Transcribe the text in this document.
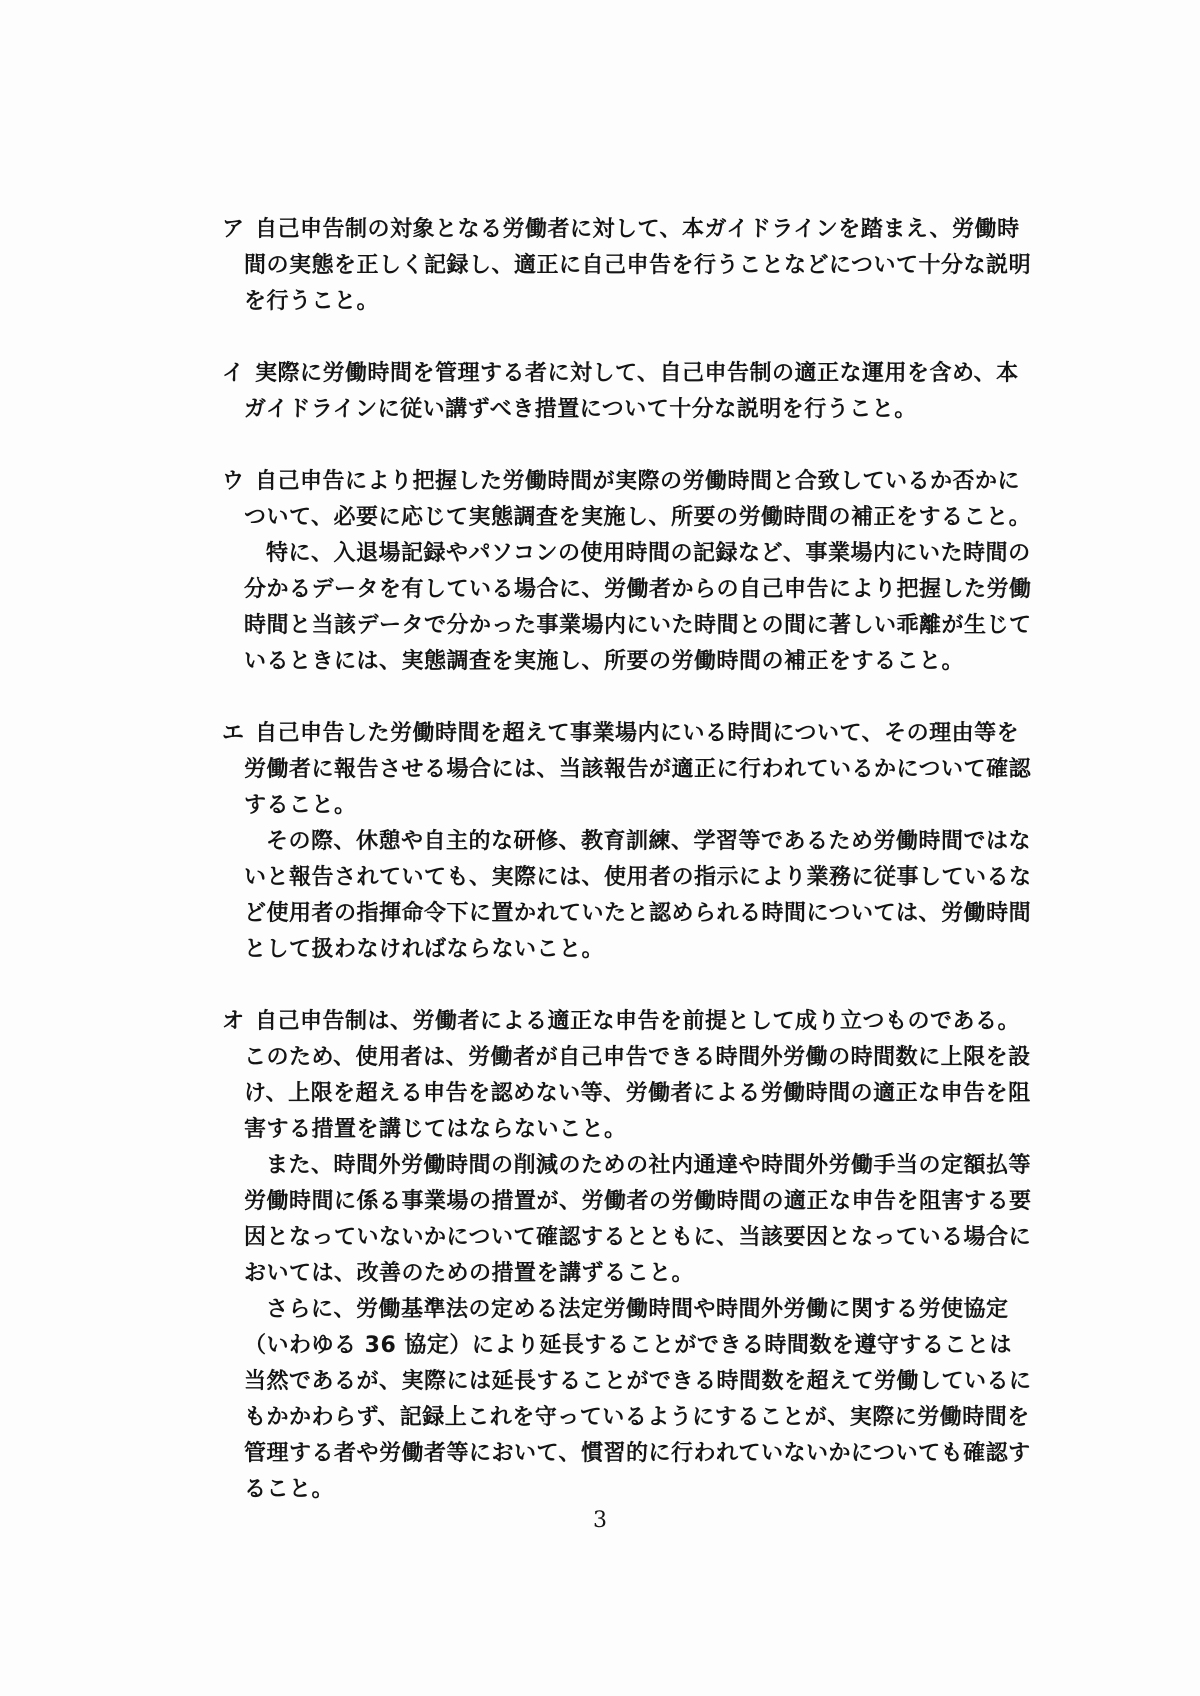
ア 自己申告制の対象となる労働者に対して、本ガイドラインを踏まえ、労働時間の実態を正しく記録し、適正に自己申告を行うことなどについて十分な説明を行うこと。

イ 実際に労働時間を管理する者に対して、自己申告制の適正な運用を含め、本ガイドラインに従い講ずべき措置について十分な説明を行うこと。

ウ 自己申告により把握した労働時間が実際の労働時間と合致しているか否かについて、必要に応じて実態調査を実施し、所要の労働時間の補正をすること。

特に、入退場記録やパソコンの使用時間の記録など、事業場内にいた時間の分かるデータを有している場合に、労働者からの自己申告により把握した労働時間と当該データで分かった事業場内にいた時間との間に著しい乖離が生じているときには、実態調査を実施し、所要の労働時間の補正をすること。

エ 自己申告した労働時間を超えて事業場内にいる時間について、その理由等を労働者に報告させる場合には、当該報告が適正に行われているかについて確認すること。

その際、休憩や自主的な研修、教育訓練、学習等であるため労働時間ではないと報告されていても、実際には、使用者の指示により業務に従事しているなど使用者の指揮命令下に置かれていたと認められる時間については、労働時間として扱わなければならないこと。

オ 自己申告制は、労働者による適正な申告を前提として成り立つものである。このため、使用者は、労働者が自己申告できる時間外労働の時間数に上限を設け、上限を超える申告を認めない等、労働者による労働時間の適正な申告を阻害する措置を講じてはならないこと。

また、時間外労働時間の削減のための社内通達や時間外労働手当の定額払等労働時間に係る事業場の措置が、労働者の労働時間の適正な申告を阻害する要因となっていないかについて確認するとともに、当該要因となっている場合においては、改善のための措置を講ずること。

さらに、労働基準法の定める法定労働時間や時間外労働に関する労使協定（いわゆる 36 協定）により延長することができる時間数を遵守することは当然であるが、実際には延長することができる時間数を超えて労働しているにもかかわらず、記録上これを守っているようにすることが、実際に労働時間を管理する者や労働者等において、慣習的に行われていないかについても確認すること。

3
